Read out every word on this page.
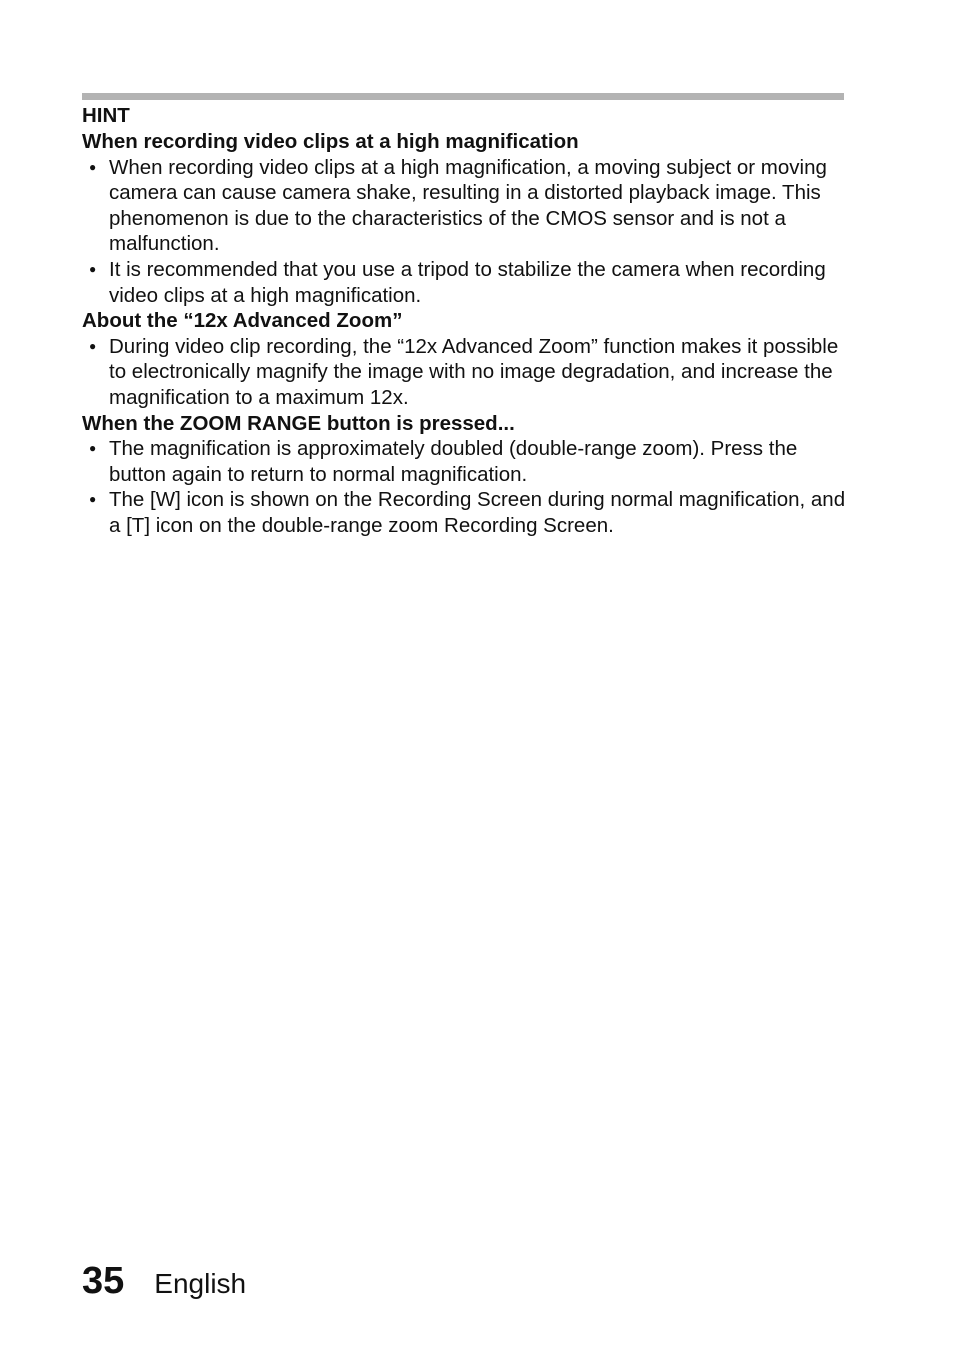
HINT
When recording video clips at a high magnification
● When recording video clips at a high magnification, a moving subject or moving camera can cause camera shake, resulting in a distorted playback image. This phenomenon is due to the characteristics of the CMOS sensor and is not a malfunction.
● It is recommended that you use a tripod to stabilize the camera when recording video clips at a high magnification.
About the “12x Advanced Zoom”
● During video clip recording, the “12x Advanced Zoom” function makes it possible to electronically magnify the image with no image degradation, and increase the magnification to a maximum 12x.
When the ZOOM RANGE button is pressed...
● The magnification is approximately doubled (double-range zoom). Press the button again to return to normal magnification.
● The [W] icon is shown on the Recording Screen during normal magnification, and a [T] icon on the double-range zoom Recording Screen.
35 English
